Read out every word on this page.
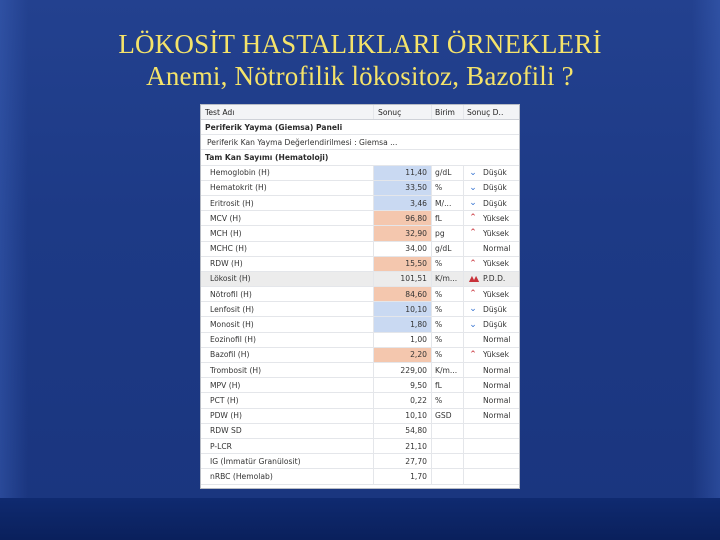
LÖKOSİT HASTALIKLARI ÖRNEKLERİ
Anemi, Nötrofilik lökositoz, Bazofili ?
Test Adı	Sonuç	Birim	Sonuç D..
Periferik Yayma (Giemsa) Paneli
Periferik Kan Yayma Değerlendirilmesi : Giemsa ...
Tam Kan Sayımı (Hematoloji)
Hemoglobin (H)	11,40	g/dL	⌄ Düşük
Hematokrit (H)	33,50	%	⌄ Düşük
Eritrosit (H)	3,46	M/...	⌄ Düşük
MCV (H)	96,80	fL	⌃ Yüksek
MCH (H)	32,90	pg	⌃ Yüksek
MCHC (H)	34,00	g/dL	Normal
RDW (H)	15,50	%	⌃ Yüksek
Lökosit (H)	101,51	K/m...	▲▲ P.D.D.
Nötrofil (H)	84,60	%	⌃ Yüksek
Lenfosit (H)	10,10	%	⌄ Düşük
Monosit (H)	1,80	%	⌄ Düşük
Eozinofil (H)	1,00	%	Normal
Bazofil (H)	2,20	%	⌃ Yüksek
Trombosit (H)	229,00	K/m...	Normal
MPV (H)	9,50	fL	Normal
PCT (H)	0,22	%	Normal
PDW (H)	10,10	GSD	Normal
RDW SD	54,80
P-LCR	21,10
IG (İmmatür Granülosit)	27,70
nRBC (Hemolab)	1,70
